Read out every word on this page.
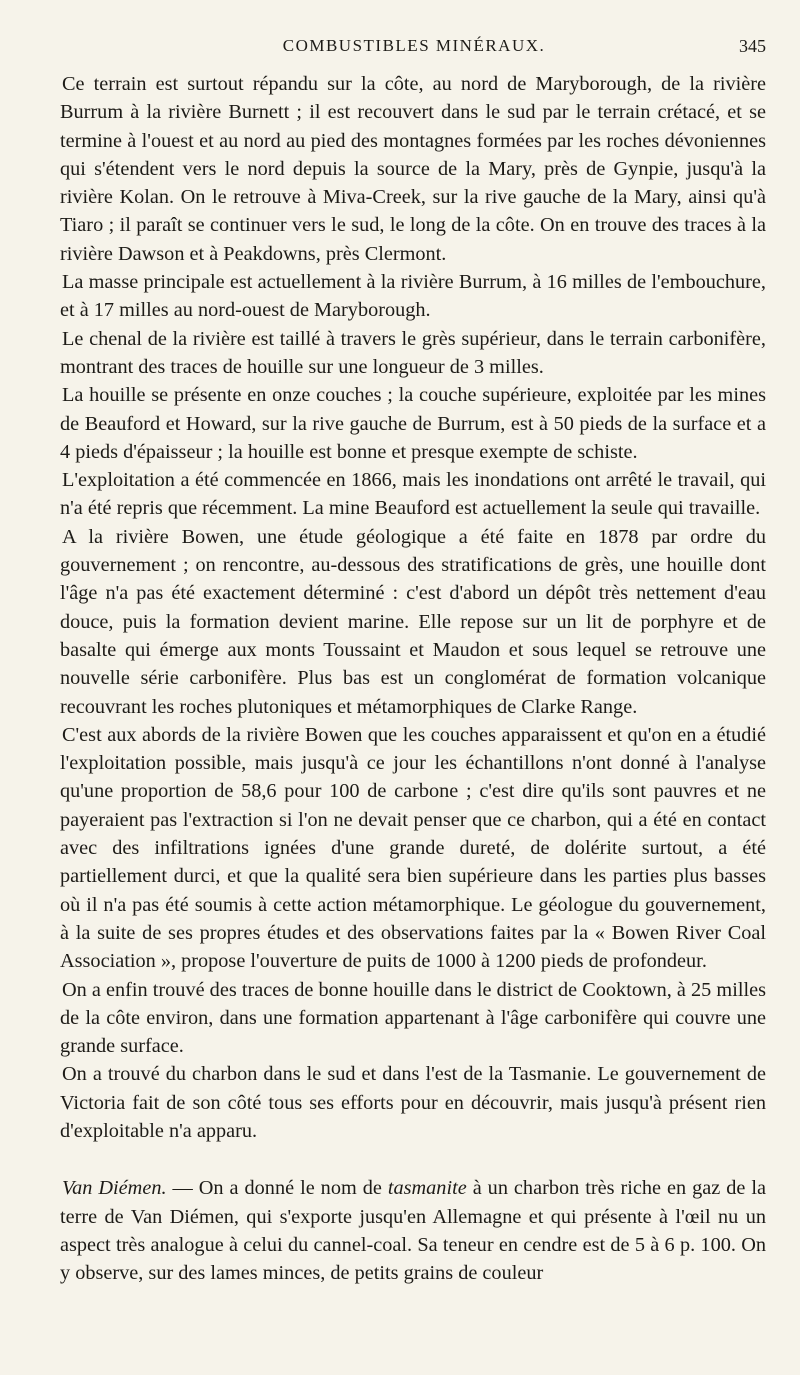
COMBUSTIBLES MINÉRAUX.	345

Ce terrain est surtout répandu sur la côte, au nord de Maryborough, de la rivière Burrum à la rivière Burnett ; il est recouvert dans le sud par le terrain crétacé, et se termine à l'ouest et au nord au pied des montagnes formées par les roches dévoniennes qui s'étendent vers le nord depuis la source de la Mary, près de Gynpie, jusqu'à la rivière Kolan. On le retrouve à Miva-Creek, sur la rive gauche de la Mary, ainsi qu'à Tiaro ; il paraît se continuer vers le sud, le long de la côte. On en trouve des traces à la rivière Dawson et à Peakdowns, près Clermont.

La masse principale est actuellement à la rivière Burrum, à 16 milles de l'embouchure, et à 17 milles au nord-ouest de Maryborough.

Le chenal de la rivière est taillé à travers le grès supérieur, dans le terrain carbonifère, montrant des traces de houille sur une longueur de 3 milles.

La houille se présente en onze couches ; la couche supérieure, exploitée par les mines de Beauford et Howard, sur la rive gauche de Burrum, est à 50 pieds de la surface et a 4 pieds d'épaisseur ; la houille est bonne et presque exempte de schiste.

L'exploitation a été commencée en 1866, mais les inondations ont arrêté le travail, qui n'a été repris que récemment. La mine Beauford est actuellement la seule qui travaille.

A la rivière Bowen, une étude géologique a été faite en 1878 par ordre du gouvernement ; on rencontre, au-dessous des stratifications de grès, une houille dont l'âge n'a pas été exactement déterminé : c'est d'abord un dépôt très nettement d'eau douce, puis la formation devient marine. Elle repose sur un lit de porphyre et de basalte qui émerge aux monts Toussaint et Maudon et sous lequel se retrouve une nouvelle série carbonifère. Plus bas est un conglomérat de formation volcanique recouvrant les roches plutoniques et métamorphiques de Clarke Range.

C'est aux abords de la rivière Bowen que les couches apparaissent et qu'on en a étudié l'exploitation possible, mais jusqu'à ce jour les échantillons n'ont donné à l'analyse qu'une proportion de 58,6 pour 100 de carbone ; c'est dire qu'ils sont pauvres et ne payeraient pas l'extraction si l'on ne devait penser que ce charbon, qui a été en contact avec des infiltrations ignées d'une grande dureté, de dolérite surtout, a été partiellement durci, et que la qualité sera bien supérieure dans les parties plus basses où il n'a pas été soumis à cette action métamorphique. Le géologue du gouvernement, à la suite de ses propres études et des observations faites par la « Bowen River Coal Association », propose l'ouverture de puits de 1000 à 1200 pieds de profondeur.

On a enfin trouvé des traces de bonne houille dans le district de Cooktown, à 25 milles de la côte environ, dans une formation appartenant à l'âge carbonifère qui couvre une grande surface.

On a trouvé du charbon dans le sud et dans l'est de la Tasmanie. Le gouvernement de Victoria fait de son côté tous ses efforts pour en découvrir, mais jusqu'à présent rien d'exploitable n'a apparu.

Van Diémen. — On a donné le nom de tasmanite à un charbon très riche en gaz de la terre de Van Diémen, qui s'exporte jusqu'en Allemagne et qui présente à l'œil nu un aspect très analogue à celui du cannel-coal. Sa teneur en cendre est de 5 à 6 p. 100. On y observe, sur des lames minces, de petits grains de couleur
